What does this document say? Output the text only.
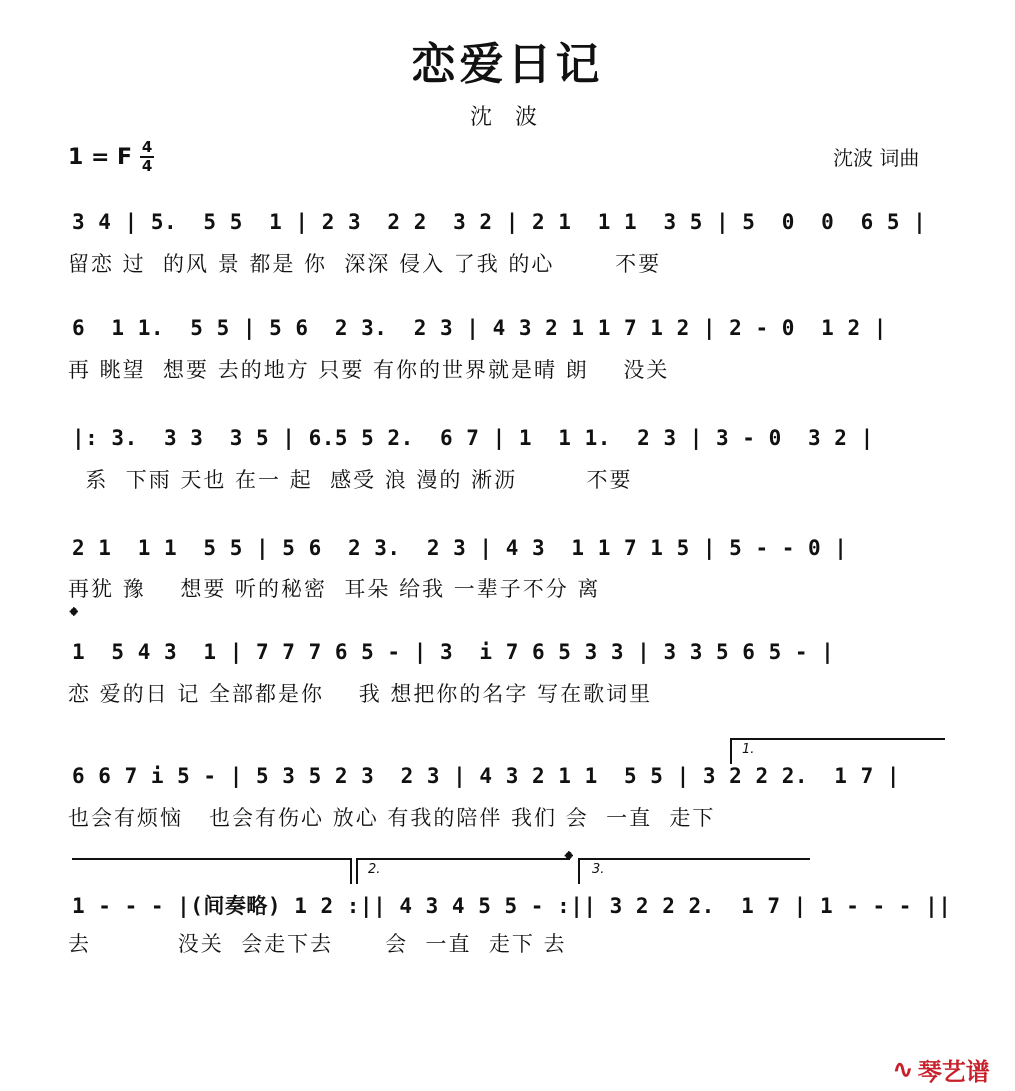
恋爱日记
沈 波
1 = F 4
4	沈波 词曲
3 4 | 5.  5 5  1 | 2 3  2 2  3 2 | 2 1  1 1  3 5 | 5  0  0  6 5 |
留恋 过  的风 景 都是 你  深深 侵入 了我 的心       不要
6  1 1.  5 5 | 5 6  2 3.  2 3 | 4 3 2 1 1 7 1 2 | 2 - 0  1 2 |
再 眺望  想要 去的地方 只要 有你的世界就是晴 朗    没关
|: 3.  3 3  3 5 | 6.5 5 2.  6 7 | 1  1 1.  2 3 | 3 - 0  3 2 |
系  下雨 天也 在一 起  感受 浪 漫的 淅沥        不要
2 1  1 1  5 5 | 5 6  2 3.  2 3 | 4 3  1 1 7 1 5 | 5 - - 0 |
再犹 豫    想要 听的秘密  耳朵 给我 一辈子不分 离
𝄌
1  5 4 3  1 | 7 7 7 6 5 - | 3  i 7 6 5 3 3 | 3 3 5 6 5 - |
恋 爱的日 记 全部都是你    我 想把你的名字 写在歌词里
1.
6 6 7 i 5 - | 5 3 5 2 3  2 3 | 4 3 2 1 1  5 5 | 3 2 2 2.  1 7 |
也会有烦恼   也会有伤心 放心 有我的陪伴 我们 会  一直  走下
2.	3.
𝄌
1 - - - |(间奏略) 1 2 :|| 4 3 4 5 5 - :|| 3 2 2 2.  1 7 | 1 - - - ||
去          没关  会走下去      会  一直  走下 去
∿ 琴艺谱
